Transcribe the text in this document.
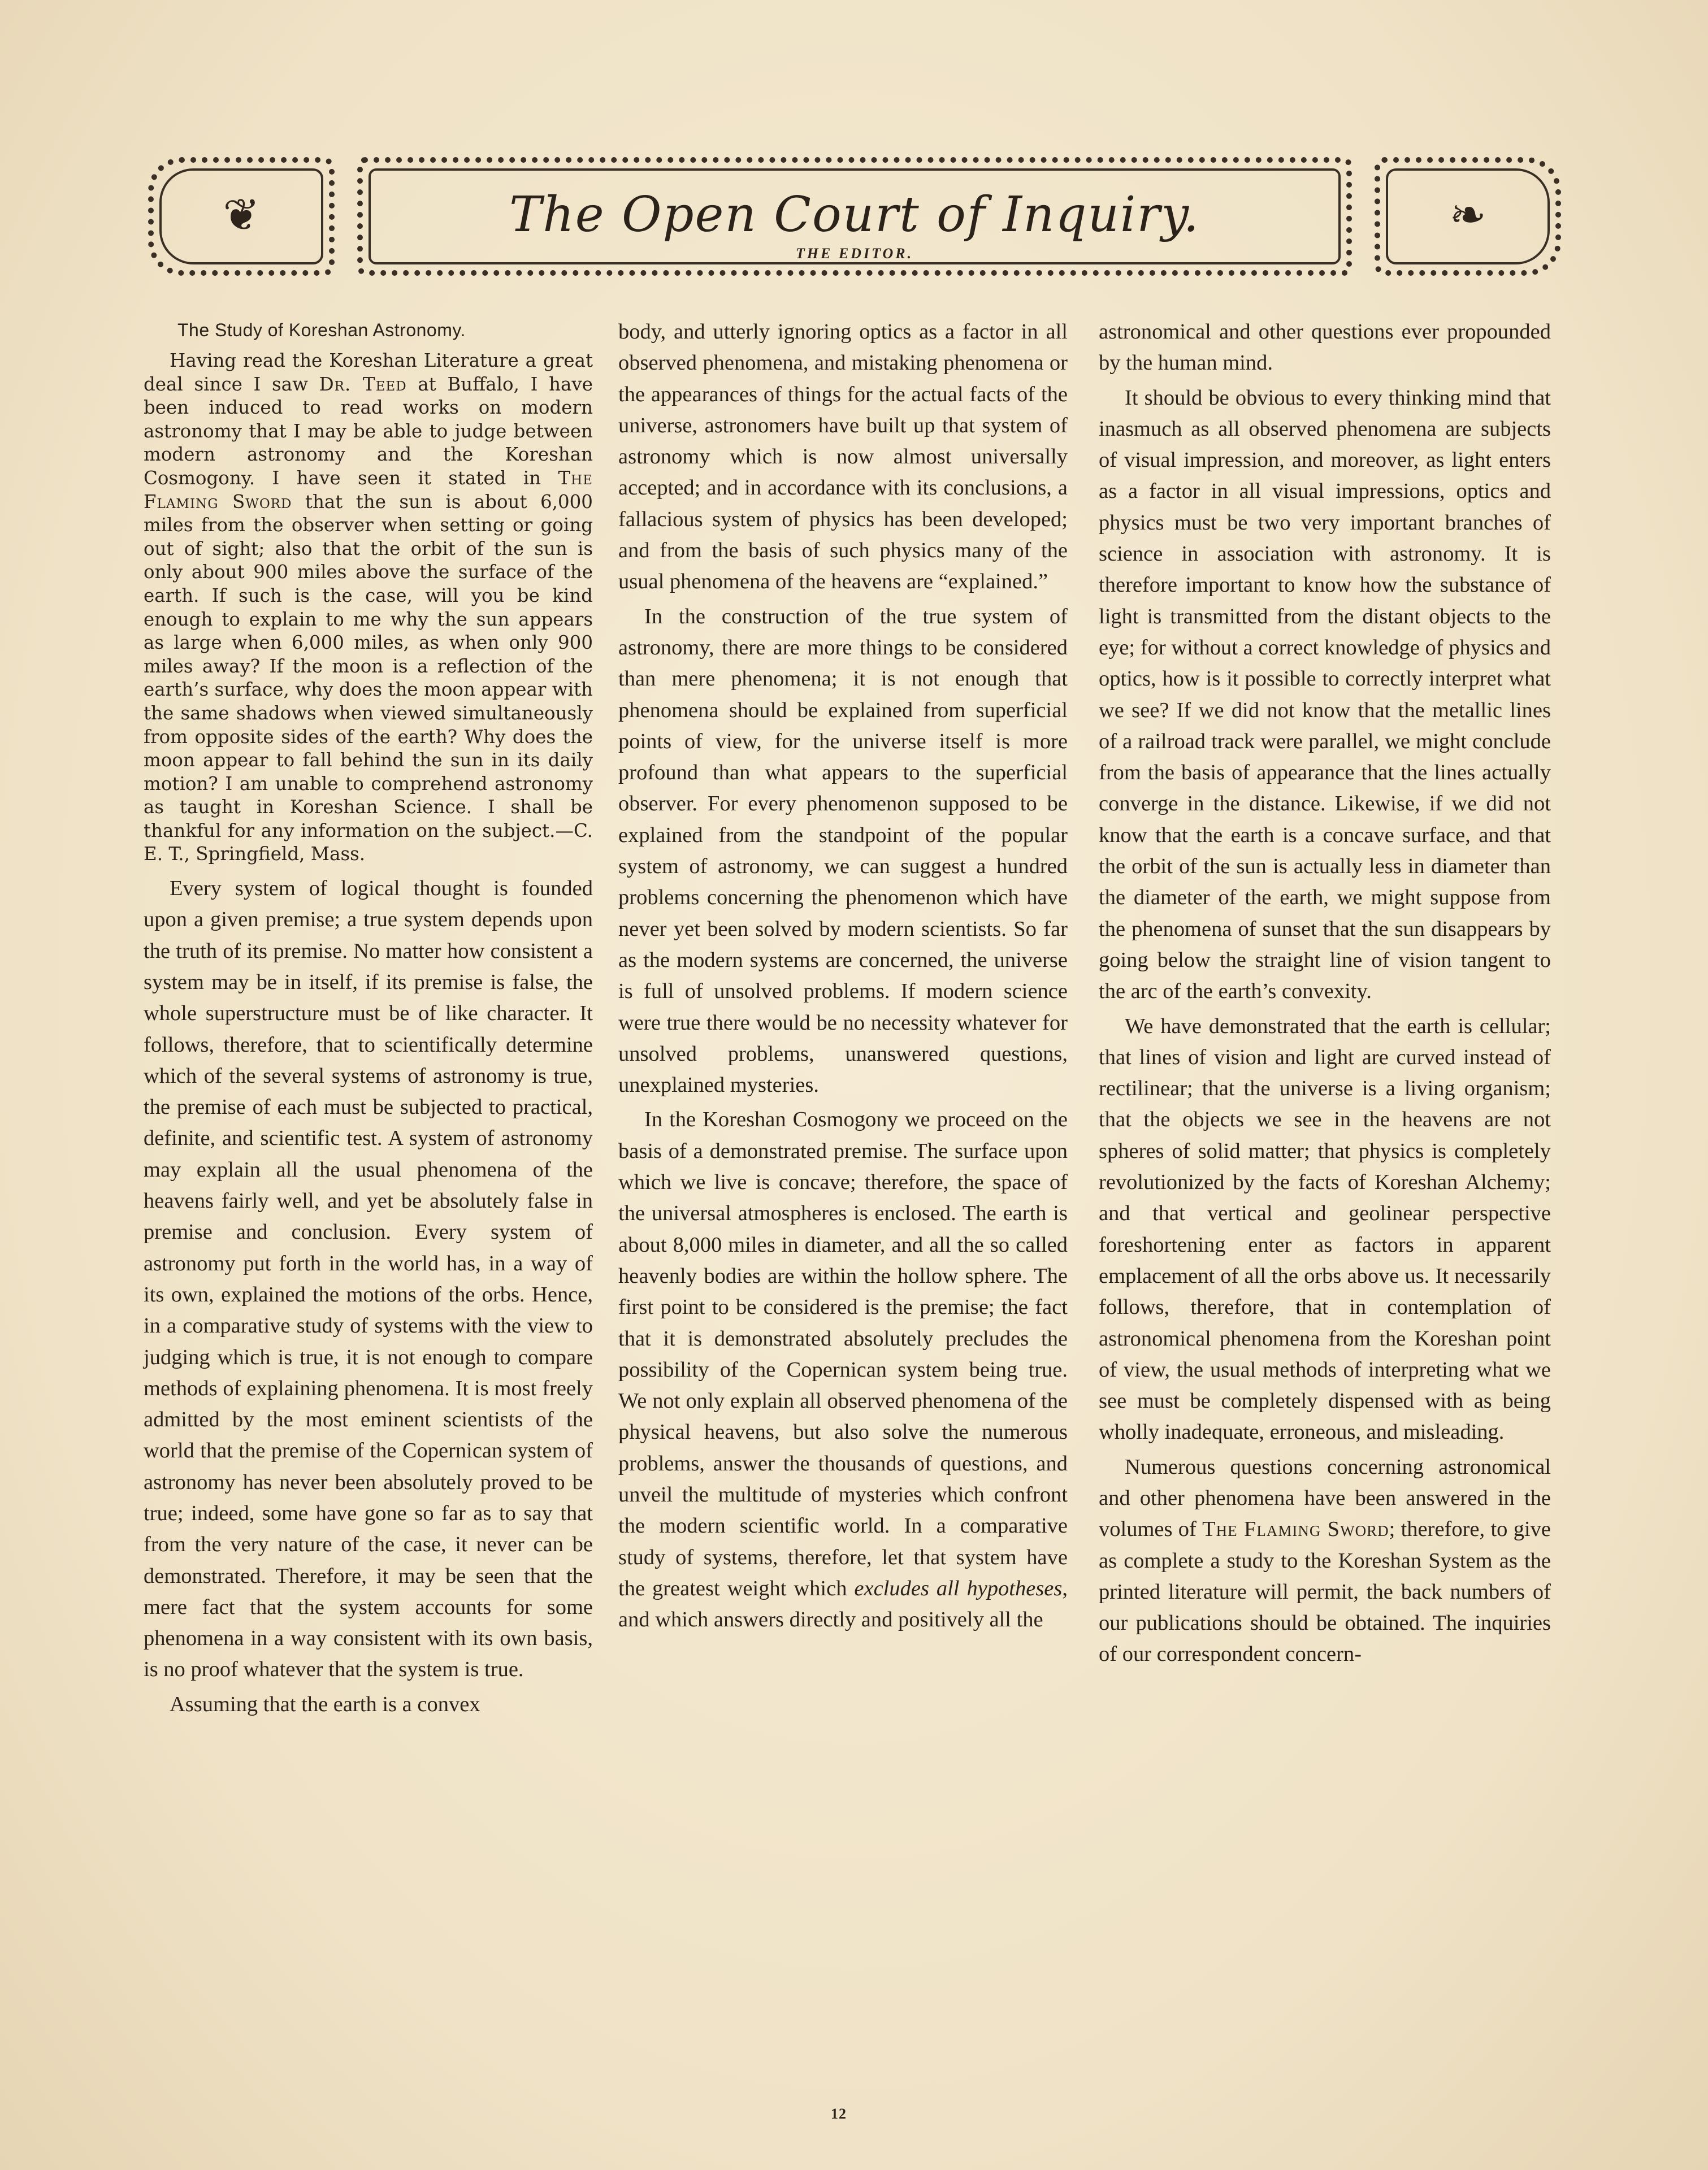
❦	The Open Court of Inquiry.
THE EDITOR.
❧
The Study of Koreshan Astronomy.

Having read the Koreshan Literature a great deal since I saw Dr. Teed at Buffalo, I have been induced to read works on modern astronomy that I may be able to judge between modern astronomy and the Koreshan Cosmogony. I have seen it stated in The Flaming Sword that the sun is about 6,000 miles from the observer when setting or going out of sight; also that the orbit of the sun is only about 900 miles above the surface of the earth. If such is the case, will you be kind enough to explain to me why the sun appears as large when 6,000 miles, as when only 900 miles away? If the moon is a reflection of the earth’s surface, why does the moon appear with the same shadows when viewed simultaneously from opposite sides of the earth? Why does the moon appear to fall behind the sun in its daily motion? I am unable to comprehend astronomy as taught in Koreshan Science. I shall be thankful for any information on the subject.—C. E. T., Springfield, Mass.

Every system of logical thought is founded upon a given premise; a true system depends upon the truth of its premise. No matter how consistent a system may be in itself, if its premise is false, the whole superstructure must be of like character. It follows, therefore, that to scientifically determine which of the several systems of astronomy is true, the premise of each must be subjected to practical, definite, and scientific test. A system of astronomy may explain all the usual phenomena of the heavens fairly well, and yet be absolutely false in premise and conclusion. Every system of astronomy put forth in the world has, in a way of its own, explained the motions of the orbs. Hence, in a comparative study of systems with the view to judging which is true, it is not enough to compare methods of explaining phenomena. It is most freely admitted by the most eminent scientists of the world that the premise of the Copernican system of astronomy has never been absolutely proved to be true; indeed, some have gone so far as to say that from the very nature of the case, it never can be demonstrated. Therefore, it may be seen that the mere fact that the system accounts for some phenomena in a way consistent with its own basis, is no proof whatever that the system is true.

Assuming that the earth is a convex

body, and utterly ignoring optics as a factor in all observed phenomena, and mistaking phenomena or the appearances of things for the actual facts of the universe, astronomers have built up that system of astronomy which is now almost universally accepted; and in accordance with its conclusions, a fallacious system of physics has been developed; and from the basis of such physics many of the usual phenomena of the heavens are “explained.”

In the construction of the true system of astronomy, there are more things to be considered than mere phenomena; it is not enough that phenomena should be explained from superficial points of view, for the universe itself is more profound than what appears to the superficial observer. For every phenomenon supposed to be explained from the standpoint of the popular system of astronomy, we can suggest a hundred problems concerning the phenomenon which have never yet been solved by modern scientists. So far as the modern systems are concerned, the universe is full of unsolved problems. If modern science were true there would be no necessity whatever for unsolved problems, unanswered questions, unexplained mysteries.

In the Koreshan Cosmogony we proceed on the basis of a demonstrated premise. The surface upon which we live is concave; therefore, the space of the universal atmospheres is enclosed. The earth is about 8,000 miles in diameter, and all the so called heavenly bodies are within the hollow sphere. The first point to be considered is the premise; the fact that it is demonstrated absolutely precludes the possibility of the Copernican system being true. We not only explain all observed phenomena of the physical heavens, but also solve the numerous problems, answer the thousands of questions, and unveil the multitude of mysteries which confront the modern scientific world. In a comparative study of systems, therefore, let that system have the greatest weight which excludes all hypotheses, and which answers directly and positively all the

astronomical and other questions ever propounded by the human mind.

It should be obvious to every thinking mind that inasmuch as all observed phenomena are subjects of visual impression, and moreover, as light enters as a factor in all visual impressions, optics and physics must be two very important branches of science in association with astronomy. It is therefore important to know how the substance of light is transmitted from the distant objects to the eye; for without a correct knowledge of physics and optics, how is it possible to correctly interpret what we see? If we did not know that the metallic lines of a railroad track were parallel, we might conclude from the basis of appearance that the lines actually converge in the distance. Likewise, if we did not know that the earth is a concave surface, and that the orbit of the sun is actually less in diameter than the diameter of the earth, we might suppose from the phenomena of sunset that the sun disappears by going below the straight line of vision tangent to the arc of the earth’s convexity.

We have demonstrated that the earth is cellular; that lines of vision and light are curved instead of rectilinear; that the universe is a living organism; that the objects we see in the heavens are not spheres of solid matter; that physics is completely revolutionized by the facts of Koreshan Alchemy; and that vertical and geolinear perspective foreshortening enter as factors in apparent emplacement of all the orbs above us. It necessarily follows, therefore, that in contemplation of astronomical phenomena from the Koreshan point of view, the usual methods of interpreting what we see must be completely dispensed with as being wholly inadequate, erroneous, and misleading.

Numerous questions concerning astronomical and other phenomena have been answered in the volumes of The Flaming Sword; therefore, to give as complete a study to the Koreshan System as the printed literature will permit, the back numbers of our publications should be obtained. The inquiries of our correspondent concern-

12
